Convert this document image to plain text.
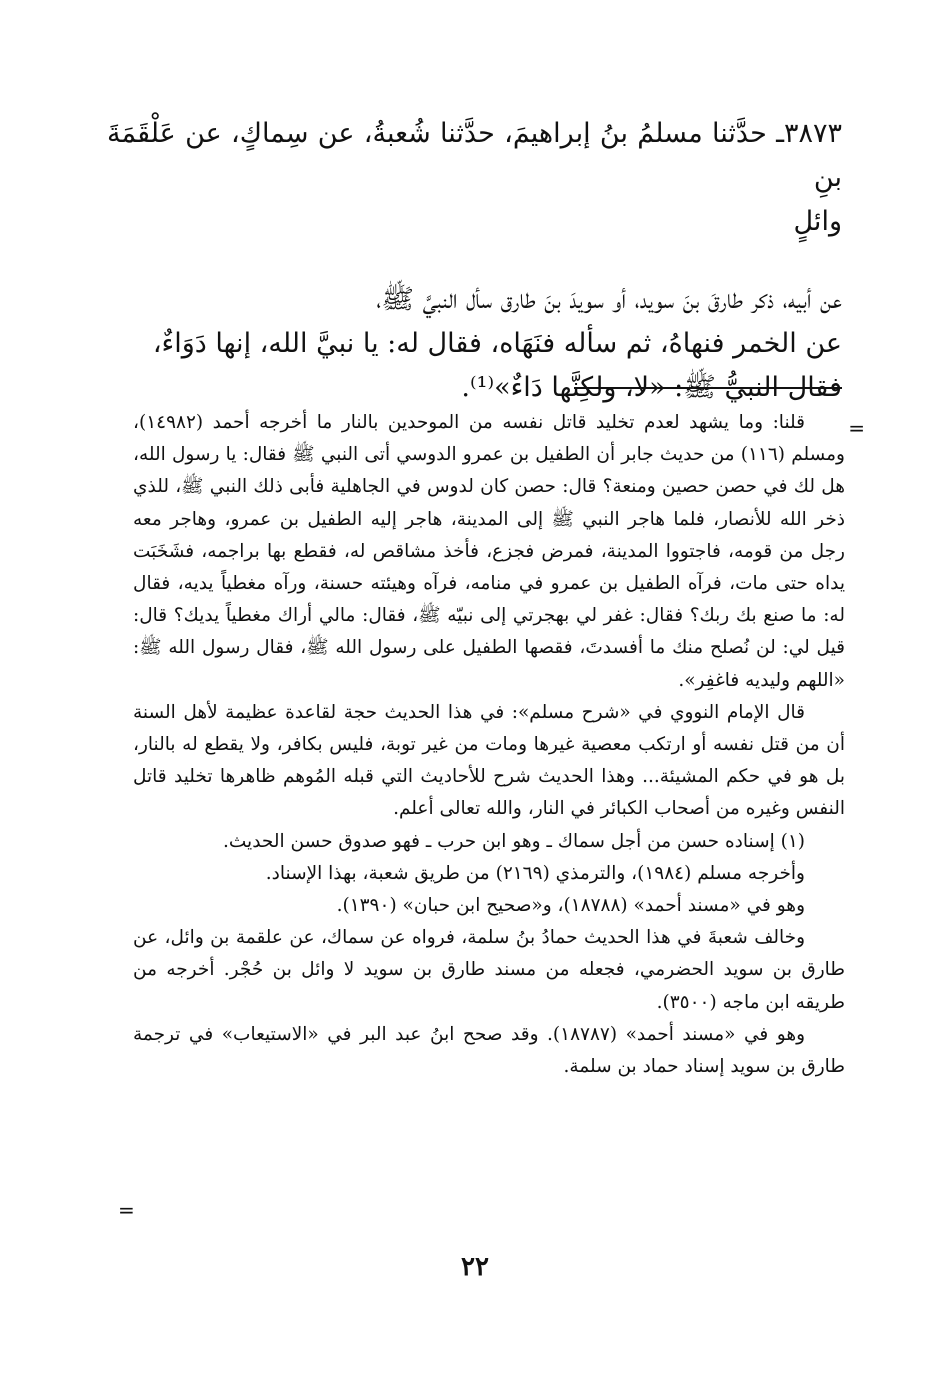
٣٨٧٣ـ حدَّثنا مسلمُ بنُ إبراهيمَ، حدَّثنا شُعبةُ، عن سِماكٍ، عن عَلْقَمَةَ بنِ

وائلٍ

عن أبيه، ذكر طارقَ بنَ سويد، أو سويدَ بنَ طارق سأل النبيَّ ﷺ،

عن الخمر فنهاهُ، ثم سأله فنَهَاه، فقال له: يا نبيَّ الله، إنها دَوَاءٌ،

فقال النبيُّ ﷺ: «لا، ولكِنَّها دَاءٌ»⁽¹⁾.

=

قلنا: وما يشهد لعدم تخليد قاتل نفسه من الموحدين بالنار ما أخرجه أحمد (١٤٩٨٢)، ومسلم (١١٦) من حديث جابر أن الطفيل بن عمرو الدوسي أتى النبي ﷺ فقال: يا رسول الله، هل لك في حصن حصين ومنعة؟ قال: حصن كان لدوس في الجاهلية فأبى ذلك النبي ﷺ، للذي ذخر الله للأنصار، فلما هاجر النبي ﷺ إلى المدينة، هاجر إليه الطفيل بن عمرو، وهاجر معه رجل من قومه، فاجتووا المدينة، فمرض فجزع، فأخذ مشاقص له، فقطع بها براجمه، فشَخَبَت يداه حتى مات، فرآه الطفيل بن عمرو في منامه، فرآه وهيئته حسنة، ورآه مغطياً يديه، فقال له: ما صنع بك ربك؟ فقال: غفر لي بهجرتي إلى نبيّه ﷺ، فقال: مالي أراك مغطياً يديك؟ قال: قيل لي: لن نُصلح منك ما أفسدتَ، فقصها الطفيل على رسول الله ﷺ، فقال رسول الله ﷺ: «اللهم وليديه فاغفِر».

قال الإمام النووي في «شرح مسلم»: في هذا الحديث حجة لقاعدة عظيمة لأهل السنة أن من قتل نفسه أو ارتكب معصية غيرها ومات من غير توبة، فليس بكافر، ولا يقطع له بالنار، بل هو في حكم المشيئة... وهذا الحديث شرح للأحاديث التي قبله المُوهم ظاهرها تخليد قاتل النفس وغيره من أصحاب الكبائر في النار، والله تعالى أعلم.

(١) إسناده حسن من أجل سماك ـ وهو ابن حرب ـ فهو صدوق حسن الحديث.

وأخرجه مسلم (١٩٨٤)، والترمذي (٢١٦٩) من طريق شعبة، بهذا الإسناد.

وهو في «مسند أحمد» (١٨٧٨٨)، و«صحيح ابن حبان» (١٣٩٠).

وخالف شعبةَ في هذا الحديث حمادُ بنُ سلمة، فرواه عن سماك، عن علقمة بن وائل، عن طارق بن سويد الحضرمي، فجعله من مسند طارق بن سويد لا وائل بن حُجْر. أخرجه من طريقه ابن ماجه (٣٥٠٠).

وهو في «مسند أحمد» (١٨٧٨٧). وقد صحح ابنُ عبد البر في «الاستيعاب» في ترجمة طارق بن سويد إسناد حماد بن سلمة.

=
٢٢
